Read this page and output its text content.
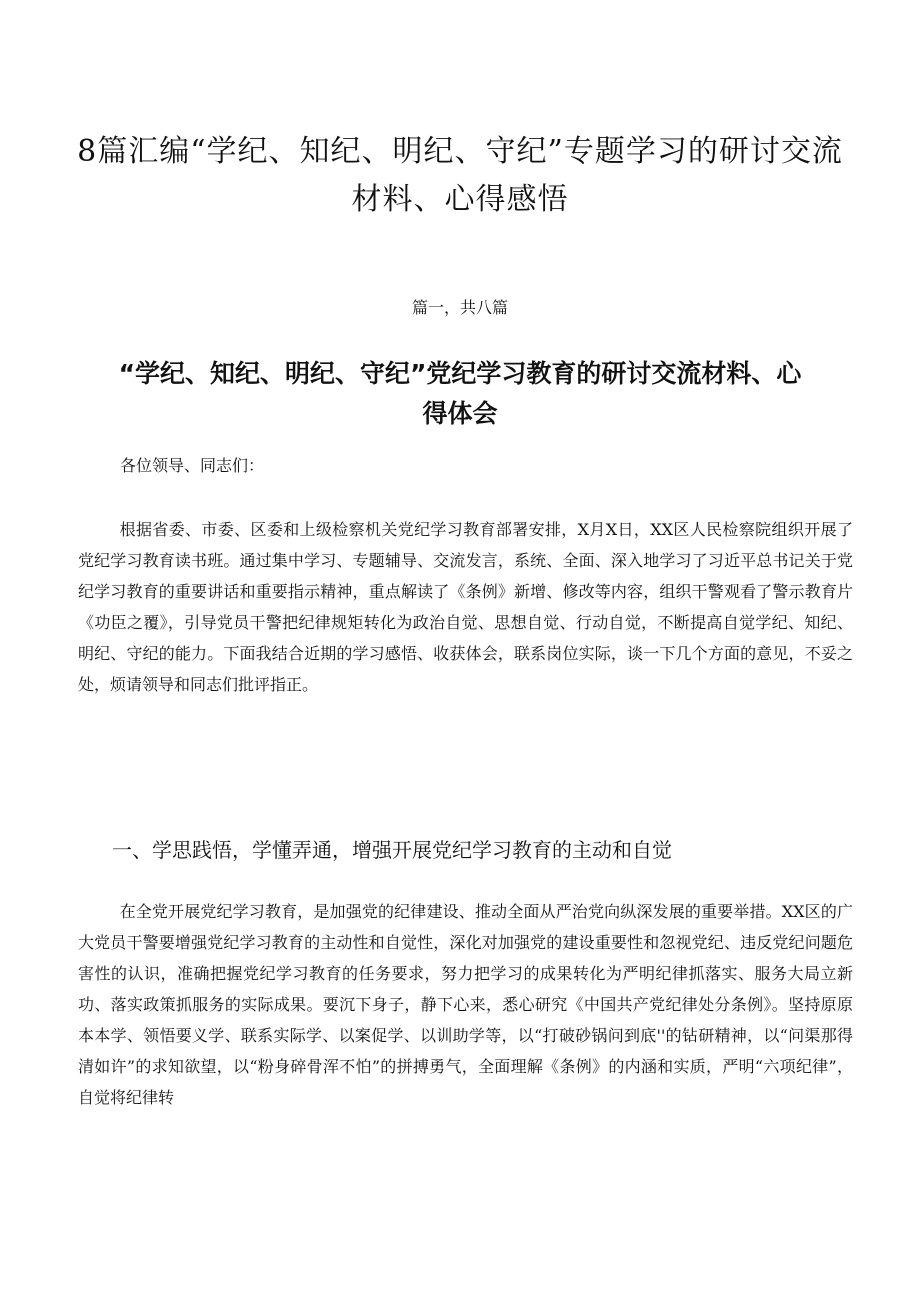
8篇汇编“学纪、知纪、明纪、守纪”专题学习的研讨交流材料、心得感悟
篇一，共八篇
“学纪、知纪、明纪、守纪”党纪学习教育的研讨交流材料、心得体会
各位领导、同志们：

根据省委、市委、区委和上级检察机关党纪学习教育部署安排，X月X日，XX区人民检察院组织开展了党纪学习教育读书班。通过集中学习、专题辅导、交流发言，系统、全面、深入地学习了习近平总书记关于党纪学习教育的重要讲话和重要指示精神，重点解读了《条例》新增、修改等内容，组织干警观看了警示教育片《功臣之覆》，引导党员干警把纪律规矩转化为政治自觉、思想自觉、行动自觉，不断提高自觉学纪、知纪、明纪、守纪的能力。下面我结合近期的学习感悟、收获体会，联系岗位实际，谈一下几个方面的意见，不妥之处，烦请领导和同志们批评指正。

一、学思践悟，学懂弄通，增强开展党纪学习教育的主动和自觉

在全党开展党纪学习教育，是加强党的纪律建设、推动全面从严治党向纵深发展的重要举措。XX区的广大党员干警要增强党纪学习教育的主动性和自觉性，深化对加强党的建设重要性和忽视党纪、违反党纪问题危害性的认识，准确把握党纪学习教育的任务要求，努力把学习的成果转化为严明纪律抓落实、服务大局立新功、落实政策抓服务的实际成果。要沉下身子，静下心来，悉心研究《中国共产党纪律处分条例》。坚持原原本本学、领悟要义学、联系实际学、以案促学、以训助学等，以“打破砂锅问到底''的钻研精神，以“问渠那得清如许”的求知欲望，以“粉身碎骨浑不怕”的拼搏勇气，全面理解《条例》的内涵和实质，严明“六项纪律”，自觉将纪律转
